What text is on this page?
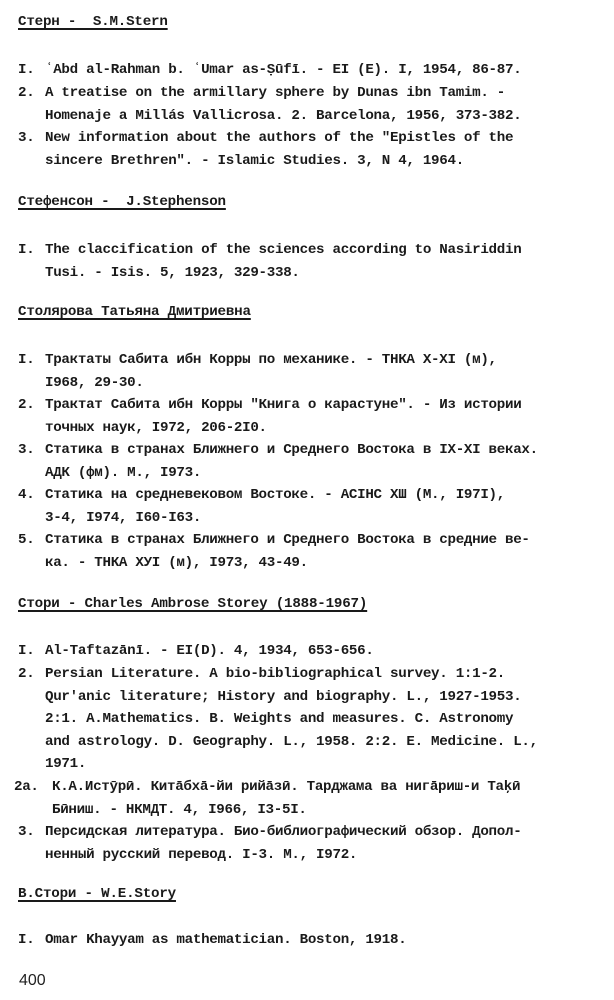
Стерн -  S.M.Stern
I. ʿAbd al-Rahman b. ʿUmar as-Ṣūfī. - EI (E). I, 1954, 86-87.
2. A treatise on the armillary sphere by Dunas ibn Tamim. -
Homenaje a Millás Vallicrosa. 2. Barcelona, 1956, 373-382.
3. New information about the authors of the "Epistles of the
sincere Brethren". - Islamic Studies. 3, N 4, 1964.
Стефенсон -  J.Stephenson
I. The claccification of the sciences according to Nasiriddin
Tusi. - Isis. 5, 1923, 329-338.
Столярова Татьяна Дмитриевна
I. Трактаты Сабита ибн Корры по механике. - ТНКА Х-XI (м),
I968, 29-30.
2. Трактат Сабита ибн Корры "Книга о карастуне". - Из истории
точных наук, I972, 206-2I0.
3. Статика в странах Ближнего и Среднего Востока в IX-XI веках.
АДК (фм). М., I973.
4. Статика на средневековом Востоке. - АСIНС ХШ (М., I97I),
3-4, I974, I60-I63.
5. Статика в странах Ближнего и Среднего Востока в средние ве-
ка. - ТНКА ХУI (м), I973, 43-49.
Стори - Charles Ambrose Storey (1888-1967)
I. Al-Taftazānī. - EI(D). 4, 1934, 653-656.
2. Persian Literature. A bio-bibliographical survey. 1:1-2.
Qur'anic literature; History and biography. L., 1927-1953.
2:1. A.Mathematics. B. Weights and measures. C. Astronomy
and astrology. D. Geography. L., 1958. 2:2. E. Medicine. L.,
1971.
2a. К.А.Истӯрӣ. Китāбхā-йи рийāзӣ. Тарджама ва нигāриш-и Таķӣ
Бӣниш. - НКМДТ. 4, I966, I3-5I.
3. Персидская литература. Био-библиографический обзор. Допол-
ненный русский перевод. I-3. М., I972.
В.Стори - W.E.Story
I. Omar Khayyam as mathematician. Boston, 1918.
400
